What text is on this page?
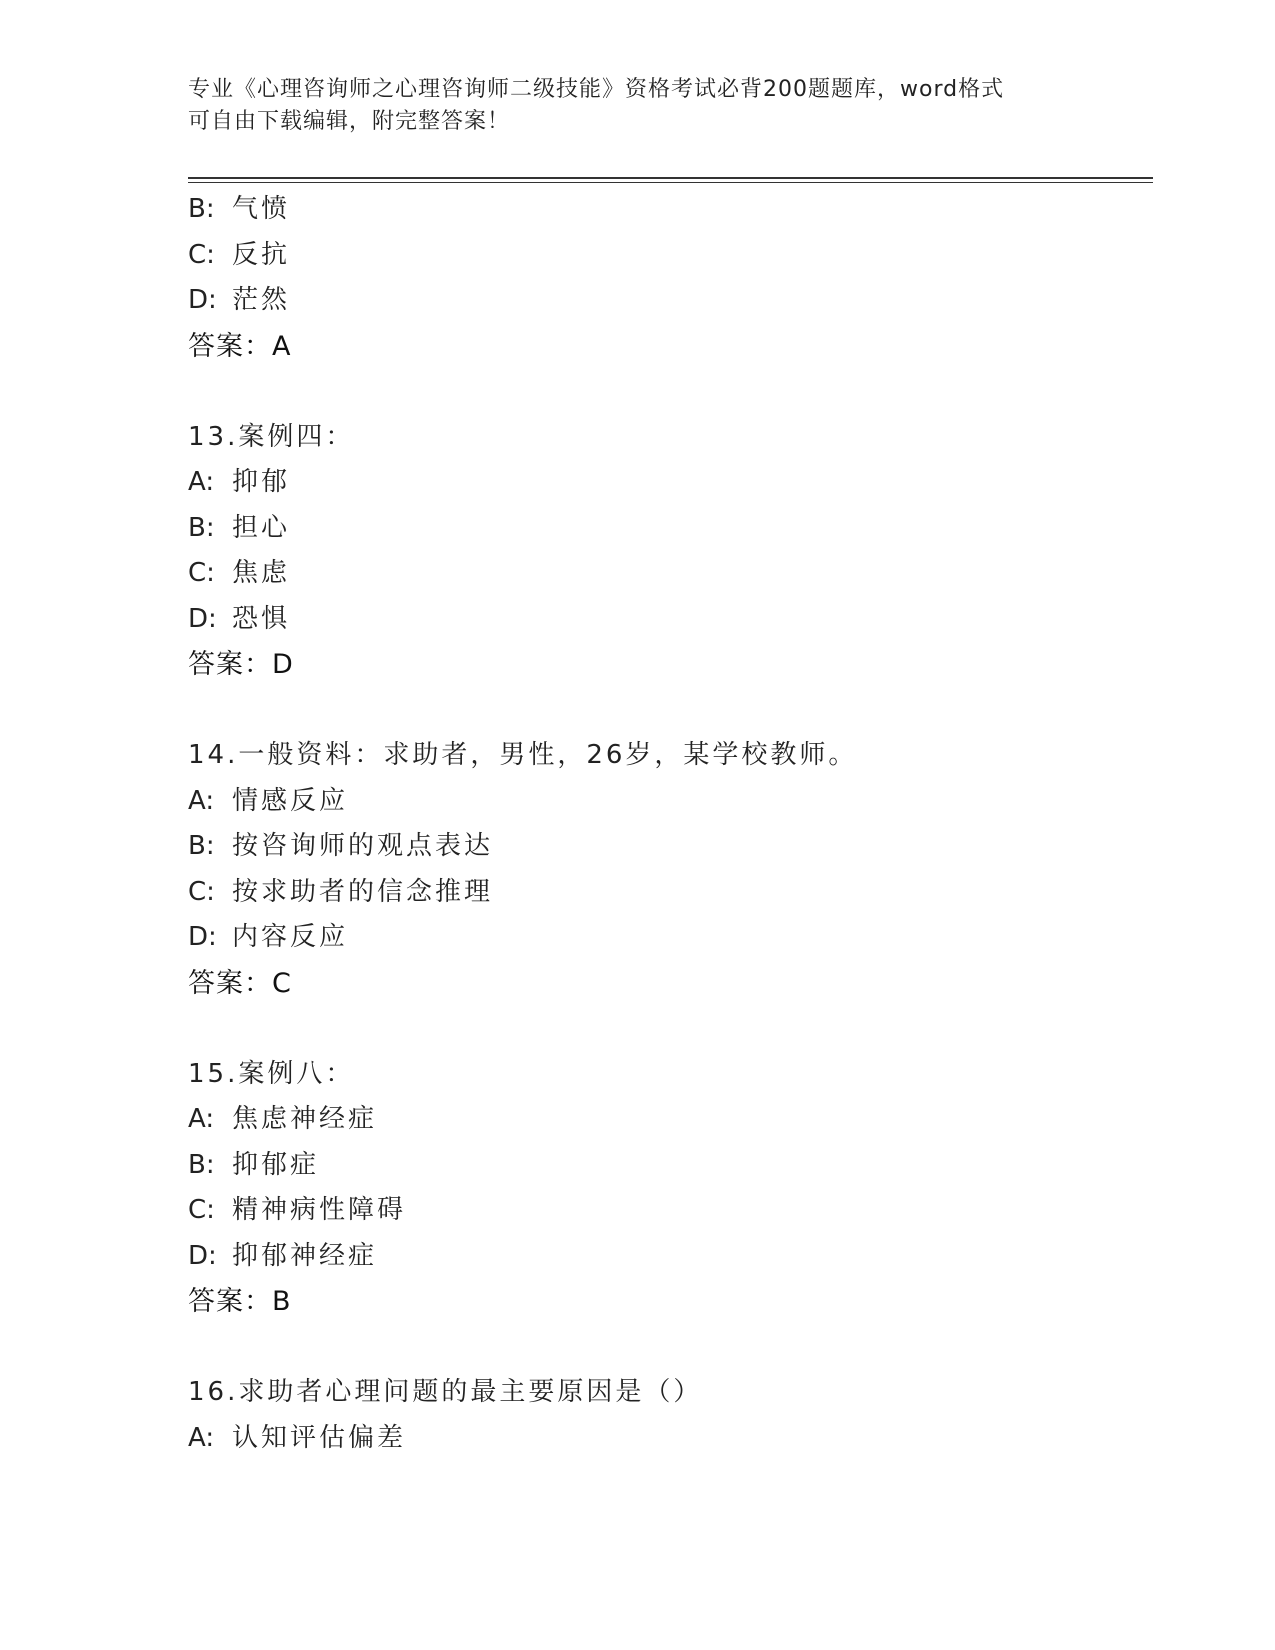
专业《心理咨询师之心理咨询师二级技能》资格考试必背200题题库，word格式
可自由下载编辑，附完整答案！
B: 气愤
C: 反抗
D: 茫然
答案：A
13.案例四：
A: 抑郁
B: 担心
C: 焦虑
D: 恐惧
答案：D
14.一般资料：求助者，男性，26岁，某学校教师。
A: 情感反应
B: 按咨询师的观点表达
C: 按求助者的信念推理
D: 内容反应
答案：C
15.案例八：
A: 焦虑神经症
B: 抑郁症
C: 精神病性障碍
D: 抑郁神经症
答案：B
16.求助者心理问题的最主要原因是（）
A: 认知评估偏差
